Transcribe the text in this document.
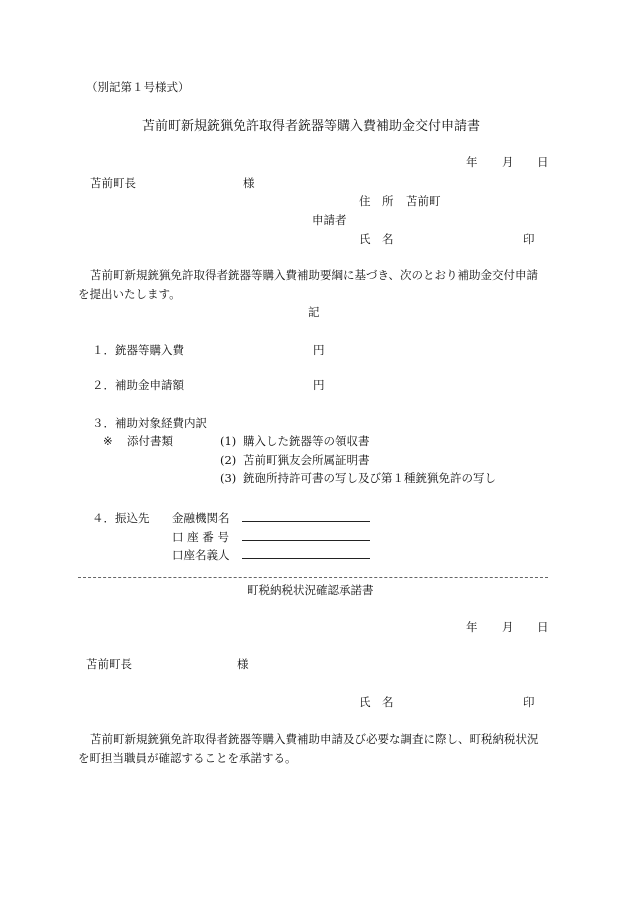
（別記第１号様式）
苫前町新規銃猟免許取得者銃器等購入費補助金交付申請書
年 月 日
苫前町長	様
住　所 苫前町
申請者
氏　名	印
苫前町新規銃猟免許取得者銃器等購入費補助要綱に基づき、次のとおり補助金交付申請
を提出いたします。
記
１．銃器等購入費	円
２．補助金申請額	円
３．補助対象経費内訳
※ 添付書類	(1) 購入した銃器等の領収書
(2) 苫前町猟友会所属証明書
(3) 銃砲所持許可書の写し及び第１種銃猟免許の写し
４．振込先 金融機関名
口 座 番 号
口座名義人
町税納税状況確認承諾書
年 月 日
苫前町長	様
氏　名	印
苫前町新規銃猟免許取得者銃器等購入費補助申請及び必要な調査に際し、町税納税状況
を町担当職員が確認することを承諾する。
